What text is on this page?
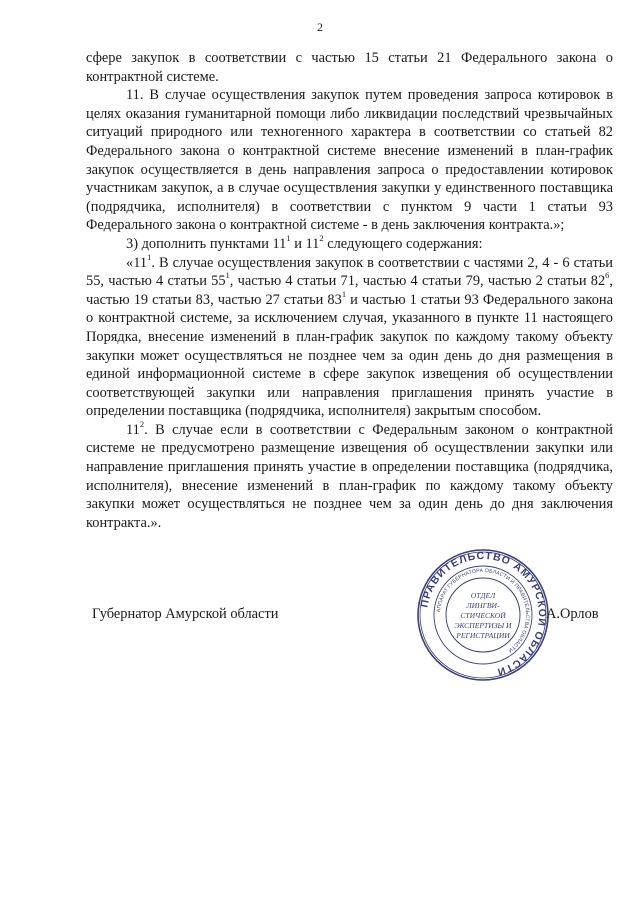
2

сфере закупок в соответствии с частью 15 статьи 21 Федерального закона о контрактной системе.

11. В случае осуществления закупок путем проведения запроса котировок в целях оказания гуманитарной помощи либо ликвидации последствий чрезвычайных ситуаций природного или техногенного характера в соответствии со статьей 82 Федерального закона о контрактной системе внесение изменений в план-график закупок осуществляется в день направления запроса о предоставлении котировок участникам закупок, а в случае осуществления закупки у единственного поставщика (подрядчика, исполнителя) в соответствии с пунктом 9 части 1 статьи 93 Федерального закона о контрактной системе - в день заключения контракта.»;

3) дополнить пунктами $11^1$ и $11^2$ следующего содержания:

«$11^1$. В случае осуществления закупок в соответствии с частями 2, 4 - 6 статьи 55, частью 4 статьи $55^1$, частью 4 статьи 71, частью 4 статьи 79, частью 2 статьи $82^6$, частью 19 статьи 83, частью 27 статьи $83^1$ и частью 1 статьи 93 Федерального закона о контрактной системе, за исключением случая, указанного в пункте 11 настоящего Порядка, внесение изменений в план-график закупок по каждому такому объекту закупки может осуществляться не позднее чем за один день до дня размещения в единой информационной системе в сфере закупок извещения об осуществлении соответствующей закупки или направления приглашения принять участие в определении поставщика (подрядчика, исполнителя) закрытым способом.

$11^2$. В случае если в соответствии с Федеральным законом о контрактной системе не предусмотрено размещение извещения об осуществлении закупки или направление приглашения принять участие в определении поставщика (подрядчика, исполнителя), внесение изменений в план-график по каждому такому объекту закупки может осуществляться не позднее чем за один день до дня заключения контракта.».

Губернатор Амурской области
ПРАВИТЕЛЬСТВО АМУРСКОЙ ОБЛАСТИ
АППАРАТ ГУБЕРНАТОРА ОБЛАСТИ И ПРАВИТЕЛЬСТВА ОБЛАСТИ
ОТДЕЛ
ЛИНГВИ-
СТИЧЕСКОЙ
ЭКСПЕРТИЗЫ И
РЕГИСТРАЦИИ
А.Орлов
